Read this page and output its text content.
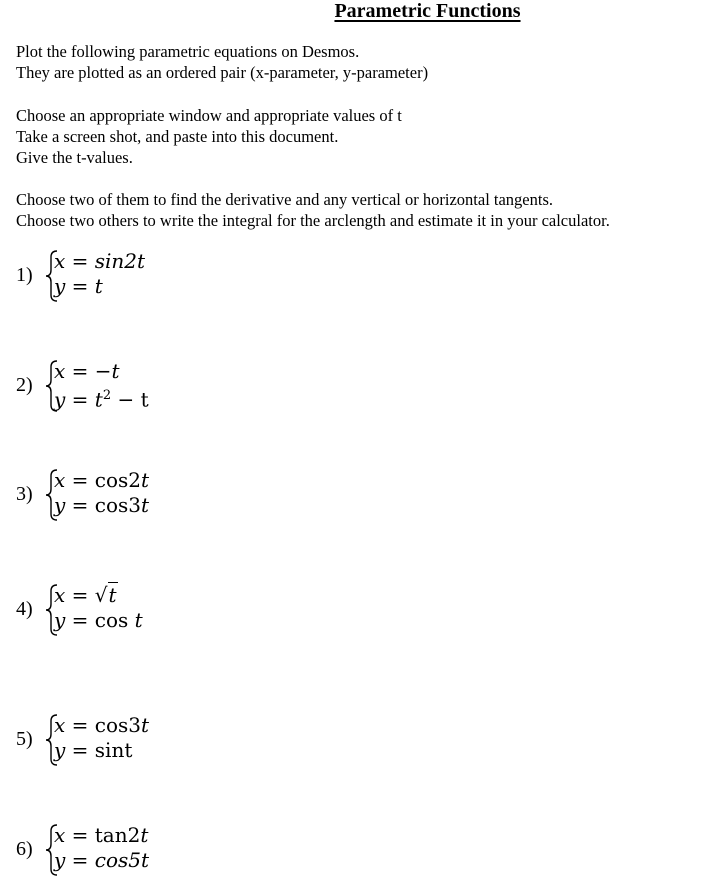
Parametric Functions
Plot the following parametric equations on Desmos.
They are plotted as an ordered pair (x-parameter, y-parameter)
Choose an appropriate window and appropriate values of t
Take a screen shot, and paste into this document.
Give the t-values.
Choose two of them to find the derivative and any vertical or horizontal tangents.
Choose two others to write the integral for the arclength and estimate it in your calculator.
1)
x = sin2t
y = t
2)
x = −t
$y = t^2 - t$
3)
x = cos2t
y = cos3t
4)
x = √t
y = cos t
5)
x = cos3t
y = sint
6)
x = tan2t
y = cos5t
